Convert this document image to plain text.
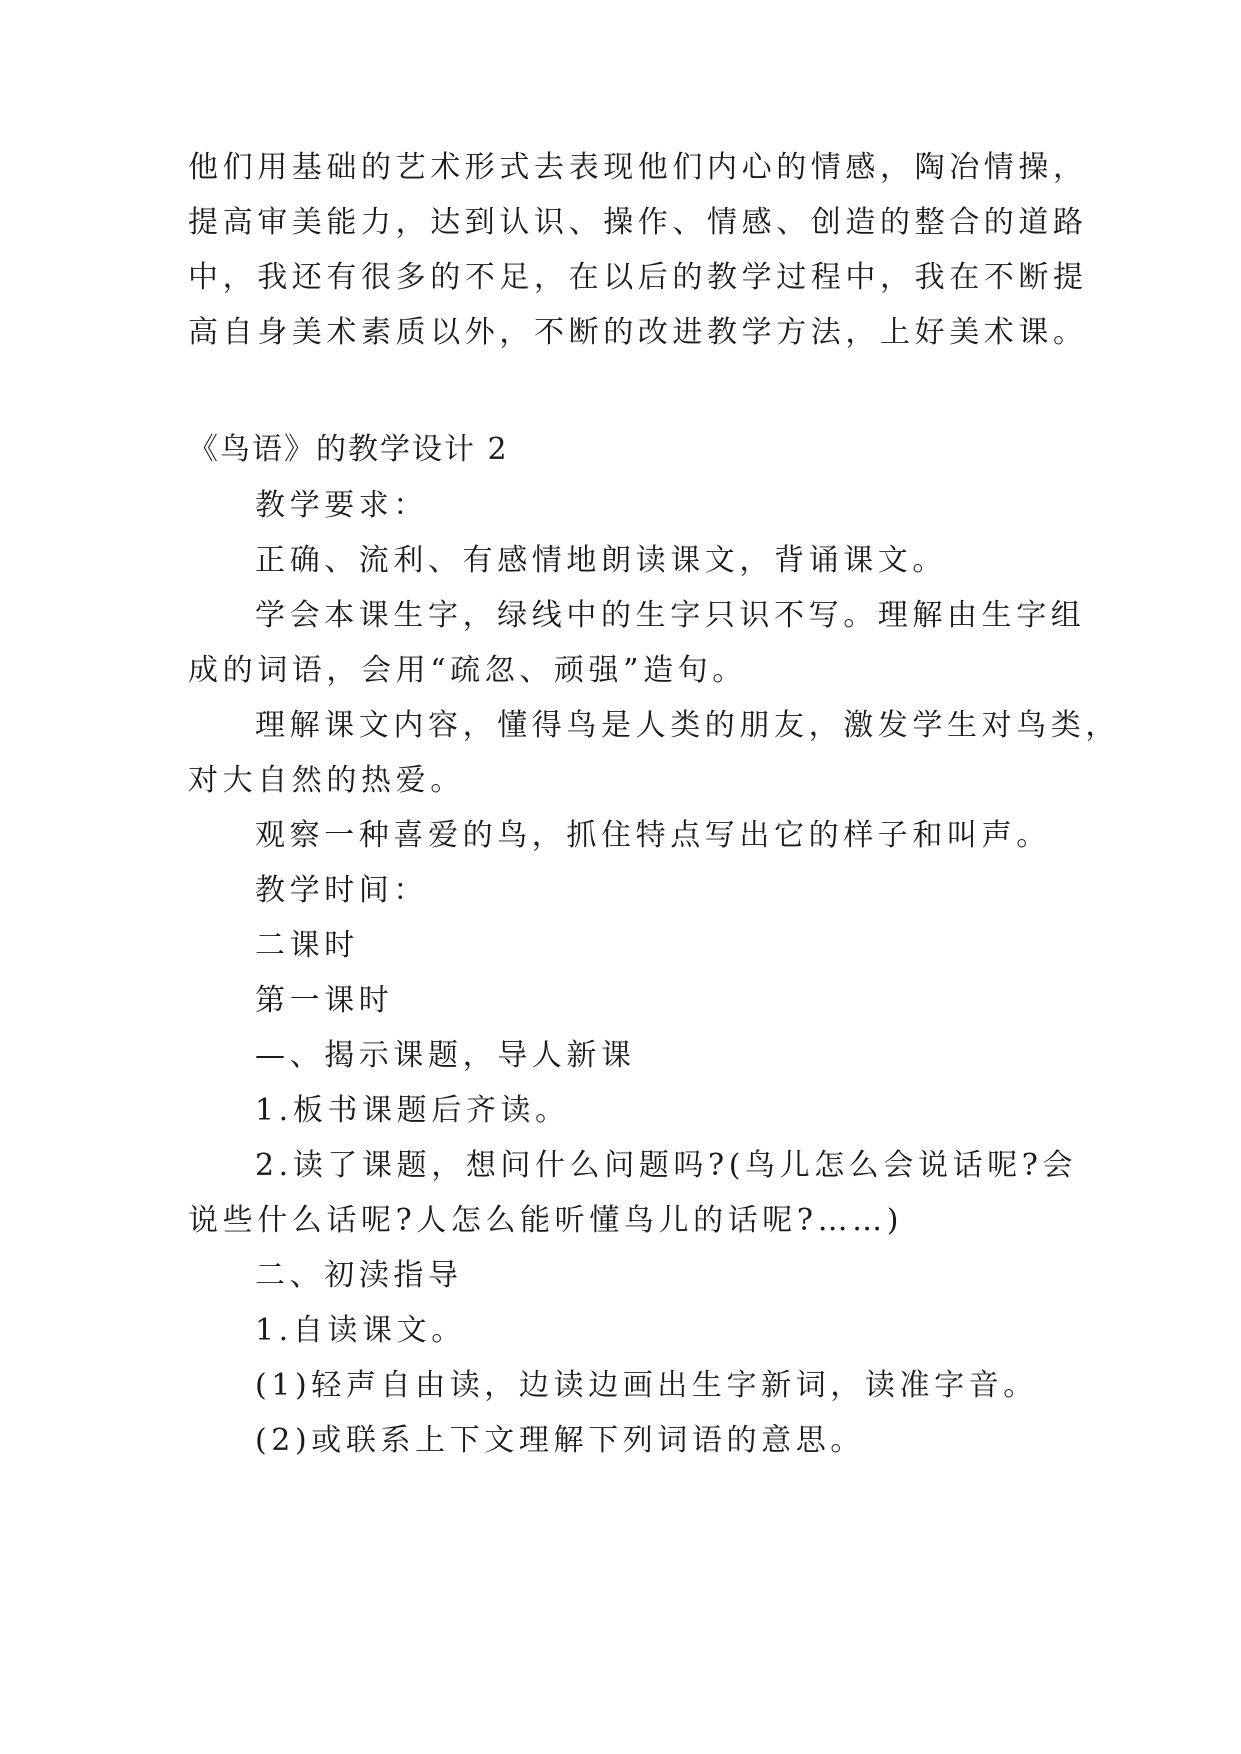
他们用基础的艺术形式去表现他们内心的情感，陶冶情操，
提高审美能力，达到认识、操作、情感、创造的整合的道路
中，我还有很多的不足，在以后的教学过程中，我在不断提
高自身美术素质以外，不断的改进教学方法，上好美术课。
《鸟语》的教学设计 2
教学要求：
正确、流利、有感情地朗读课文，背诵课文。
学会本课生字，绿线中的生字只识不写。理解由生字组
成的词语，会用“疏忽、顽强”造句。
理解课文内容，懂得鸟是人类的朋友，激发学生对鸟类，
对大自然的热爱。
观察一种喜爱的鸟，抓住特点写出它的样子和叫声。
教学时间：
二课时
第一课时
—、揭示课题，导人新课
1.板书课题后齐读。
2.读了课题，想问什么问题吗?(鸟儿怎么会说话呢?会
说些什么话呢?人怎么能听懂鸟儿的话呢?……)
二、初渎指导
1.自读课文。
(1)轻声自由读，边读边画出生字新词，读准字音。
(2)或联系上下文理解下列词语的意思。
